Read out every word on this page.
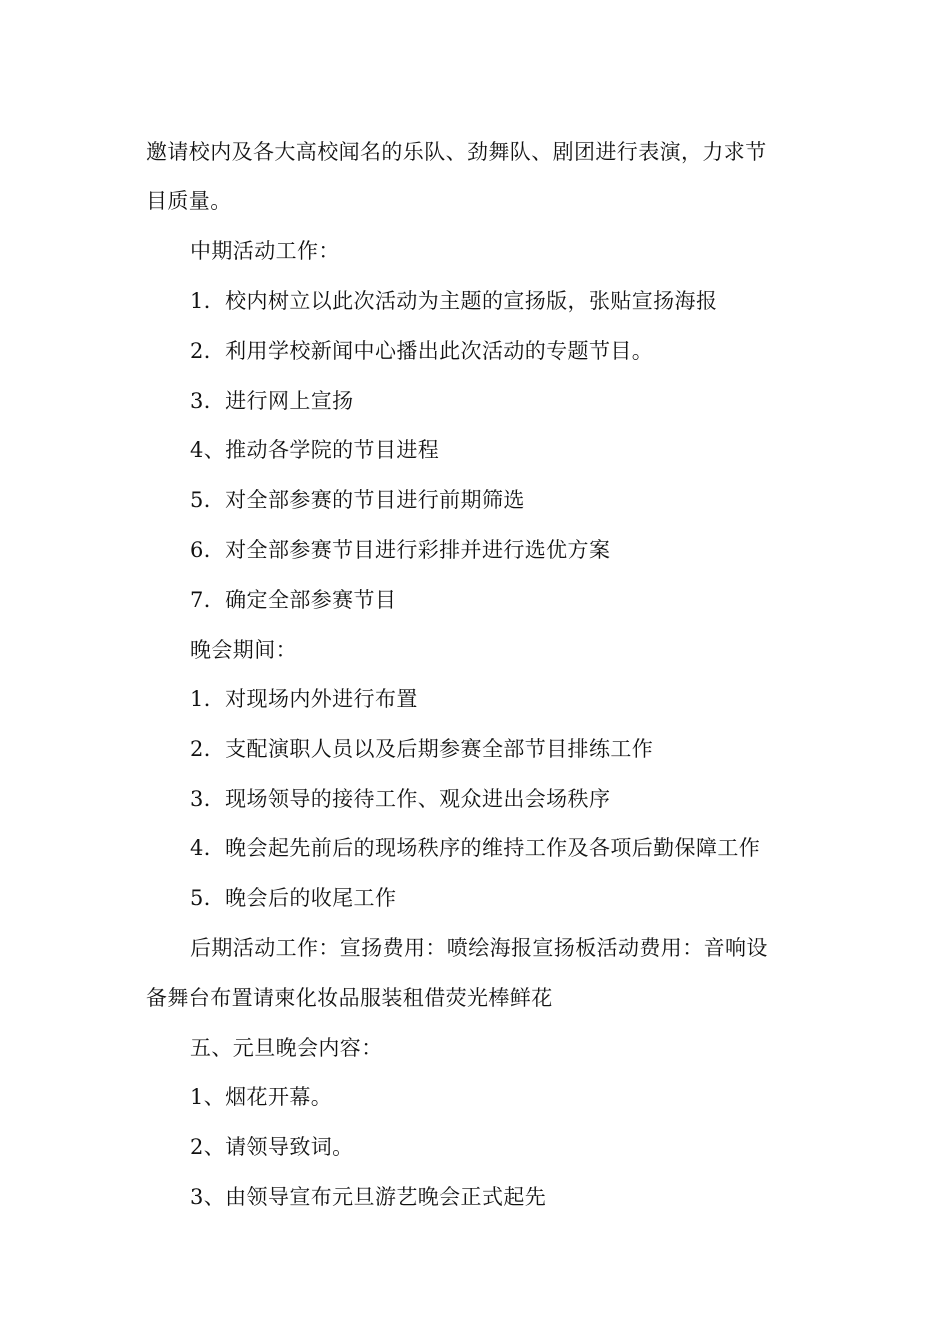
邀请校内及各大高校闻名的乐队、劲舞队、剧团进行表演，力求节
目质量。
中期活动工作：
1．校内树立以此次活动为主题的宣扬版，张贴宣扬海报
2．利用学校新闻中心播出此次活动的专题节目。
3．进行网上宣扬
4、推动各学院的节目进程
5．对全部参赛的节目进行前期筛选
6．对全部参赛节目进行彩排并进行选优方案
7．确定全部参赛节目
晚会期间：
1．对现场内外进行布置
2．支配演职人员以及后期参赛全部节目排练工作
3．现场领导的接待工作、观众进出会场秩序
4．晚会起先前后的现场秩序的维持工作及各项后勤保障工作
5．晚会后的收尾工作
后期活动工作：宣扬费用：喷绘海报宣扬板活动费用：音响设
备舞台布置请柬化妆品服装租借荧光棒鲜花
五、元旦晚会内容：
1、烟花开幕。
2、请领导致词。
3、由领导宣布元旦游艺晚会正式起先
